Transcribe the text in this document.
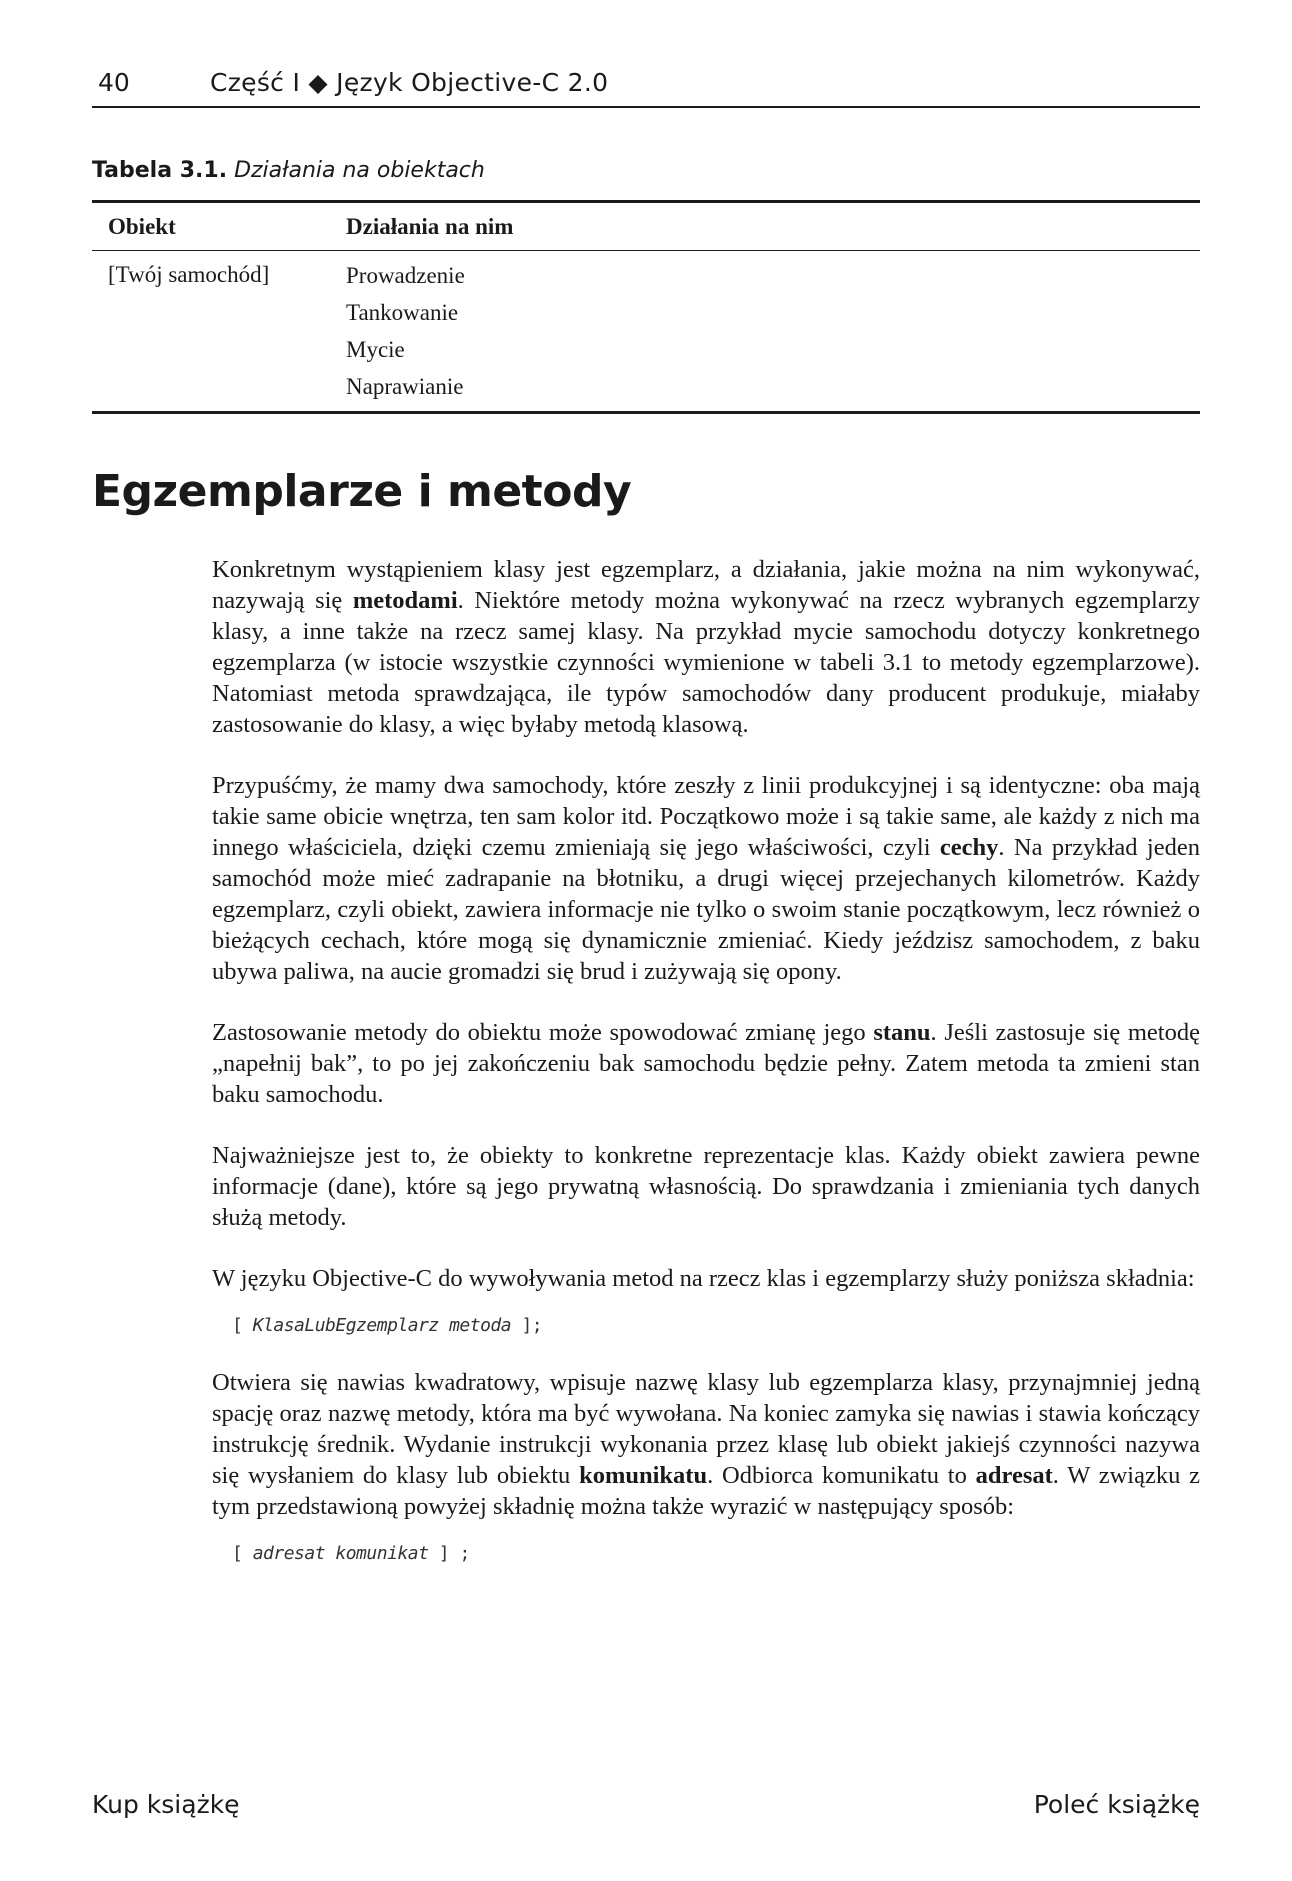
40	Część I ◆ Język Objective-C 2.0
Tabela 3.1. Działania na obiektach
Obiekt	Działania na nim
[Twój samochód]	Prowadzenie
Tankowanie
Mycie
Naprawianie
Egzemplarze i metody

Konkretnym wystąpieniem klasy jest egzemplarz, a działania, jakie można na nim wykonywać, nazywają się metodami. Niektóre metody można wykonywać na rzecz wybranych egzemplarzy klasy, a inne także na rzecz samej klasy. Na przykład mycie samochodu dotyczy konkretnego egzemplarza (w istocie wszystkie czynności wymienione w tabeli 3.1 to metody egzemplarzowe). Natomiast metoda sprawdzająca, ile typów samochodów dany producent produkuje, miałaby zastosowanie do klasy, a więc byłaby metodą klasową.

Przypuśćmy, że mamy dwa samochody, które zeszły z linii produkcyjnej i są identyczne: oba mają takie same obicie wnętrza, ten sam kolor itd. Początkowo może i są takie same, ale każdy z nich ma innego właściciela, dzięki czemu zmieniają się jego właściwości, czyli cechy. Na przykład jeden samochód może mieć zadrapanie na błotniku, a drugi więcej przejechanych kilometrów. Każdy egzemplarz, czyli obiekt, zawiera informacje nie tylko o swoim stanie początkowym, lecz również o bieżących cechach, które mogą się dynamicznie zmieniać. Kiedy jeździsz samochodem, z baku ubywa paliwa, na aucie gromadzi się brud i zużywają się opony.

Zastosowanie metody do obiektu może spowodować zmianę jego stanu. Jeśli zastosuje się metodę „napełnij bak”, to po jej zakończeniu bak samochodu będzie pełny. Zatem metoda ta zmieni stan baku samochodu.

Najważniejsze jest to, że obiekty to konkretne reprezentacje klas. Każdy obiekt zawiera pewne informacje (dane), które są jego prywatną własnością. Do sprawdzania i zmieniania tych danych służą metody.

W języku Objective-C do wywoływania metod na rzecz klas i egzemplarzy służy poniższa składnia:

[ KlasaLubEgzemplarz metoda ];

Otwiera się nawias kwadratowy, wpisuje nazwę klasy lub egzemplarza klasy, przynajmniej jedną spację oraz nazwę metody, która ma być wywołana. Na koniec zamyka się nawias i stawia kończący instrukcję średnik. Wydanie instrukcji wykonania przez klasę lub obiekt jakiejś czynności nazywa się wysłaniem do klasy lub obiektu komunikatu. Odbiorca komunikatu to adresat. W związku z tym przedstawioną powyżej składnię można także wyrazić w następujący sposób:

[ adresat komunikat ] ;
Kup książkę	Poleć książkę
